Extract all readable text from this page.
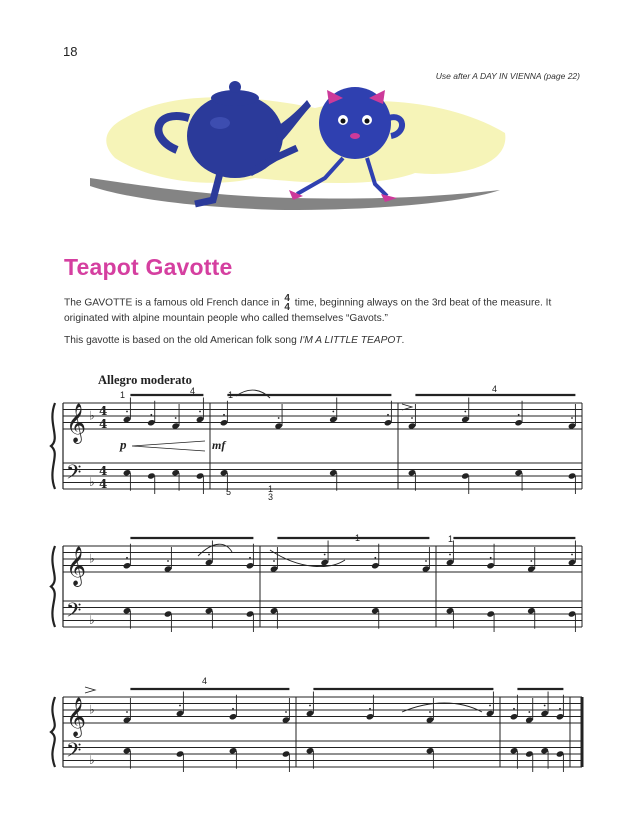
18
Use after A DAY IN VIENNA (page 22)
Teapot Gavotte

The GAVOTTE is a famous old French dance in 4
4 time, beginning always on the 3rd beat of the measure. It originated with alpine mountain people who called themselves “Gavots.”

This gavotte is based on the old American folk song I'M A LITTLE TEAPOT.

Allegro moderato
𝄞 ♭ 4
4
𝄢 ♭
4
4
1	4	1
4
5	1
3
𝄞 ♭
𝄢 ♭
1	1
𝄞 ♭
𝄢 ♭
4
p	mf
